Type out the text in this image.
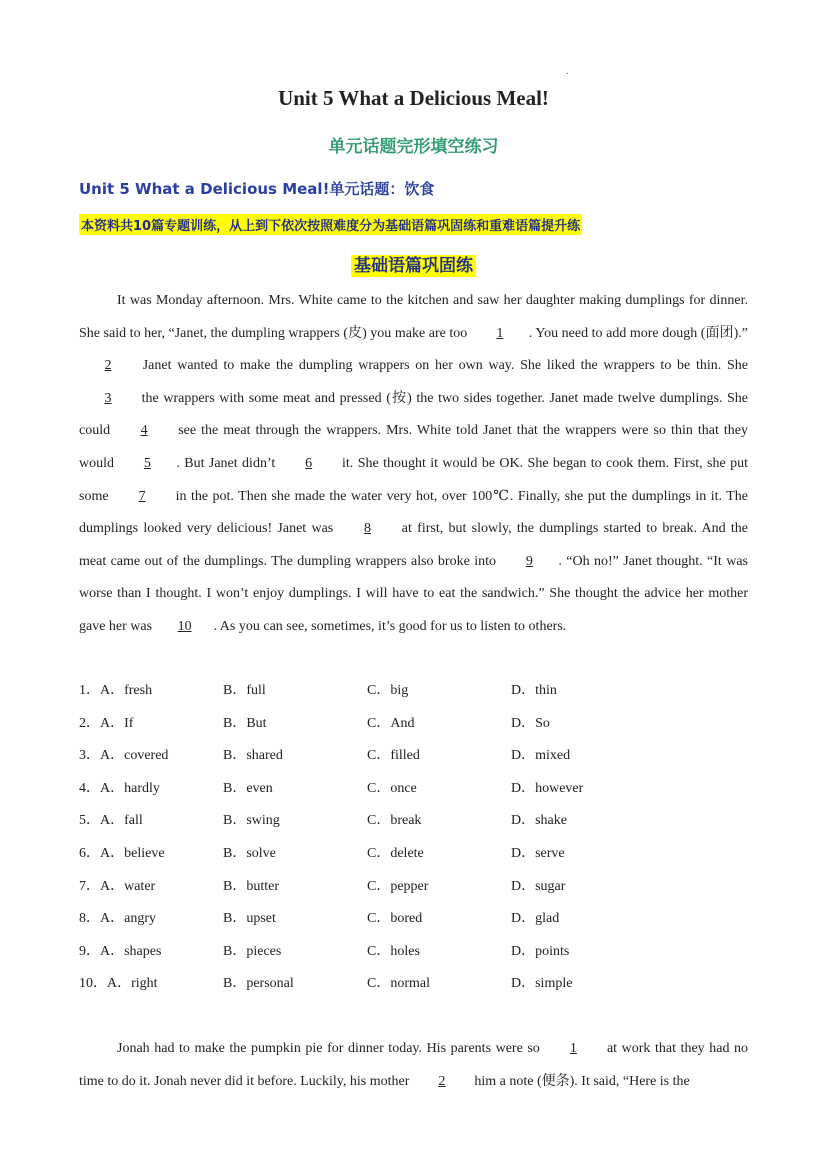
.
Unit 5 What a Delicious Meal!
单元话题完形填空练习
Unit 5 What a Delicious Meal!单元话题：饮食
本资料共10篇专题训练，从上到下依次按照难度分为基础语篇巩固练和重难语篇提升练
基础语篇巩固练
It was Monday afternoon. Mrs. White came to the kitchen and saw her daughter making dumplings for dinner. She said to her, “Janet, the dumpling wrappers (皮) you make are too 1 . You need to add more dough (面团).” 2 Janet wanted to make the dumpling wrappers on her own way. She liked the wrappers to be thin. She 3 the wrappers with some meat and pressed (按) the two sides together. Janet made twelve dumplings. She could 4 see the meat through the wrappers. Mrs. White told Janet that the wrappers were so thin that they would 5 . But Janet didn’t 6 it. She thought it would be OK. She began to cook them. First, she put some 7 in the pot. Then she made the water very hot, over 100℃. Finally, she put the dumplings in it. The dumplings looked very delicious! Janet was 8 at first, but slowly, the dumplings started to break. And the meat came out of the dumplings. The dumpling wrappers also broke into 9 . “Oh no!” Janet thought. “It was worse than I thought. I won’t enjoy dumplings. I will have to eat the sandwich.” She thought the advice her mother gave her was 10 . As you can see, sometimes, it’s good for us to listen to others.
1．A．fresh	B．full	C．big	D．thin
2．A．If	B．But	C．And	D．So
3．A．covered	B．shared	C．filled	D．mixed
4．A．hardly	B．even	C．once	D．however
5．A．fall	B．swing	C．break	D．shake
6．A．believe	B．solve	C．delete	D．serve
7．A．water	B．butter	C．pepper	D．sugar
8．A．angry	B．upset	C．bored	D．glad
9．A．shapes	B．pieces	C．holes	D．points
10．A．right	B．personal	C．normal	D．simple
Jonah had to make the pumpkin pie for dinner today. His parents were so 1 at work that they had no time to do it. Jonah never did it before. Luckily, his mother 2 him a note (便条). It said, “Here is the
